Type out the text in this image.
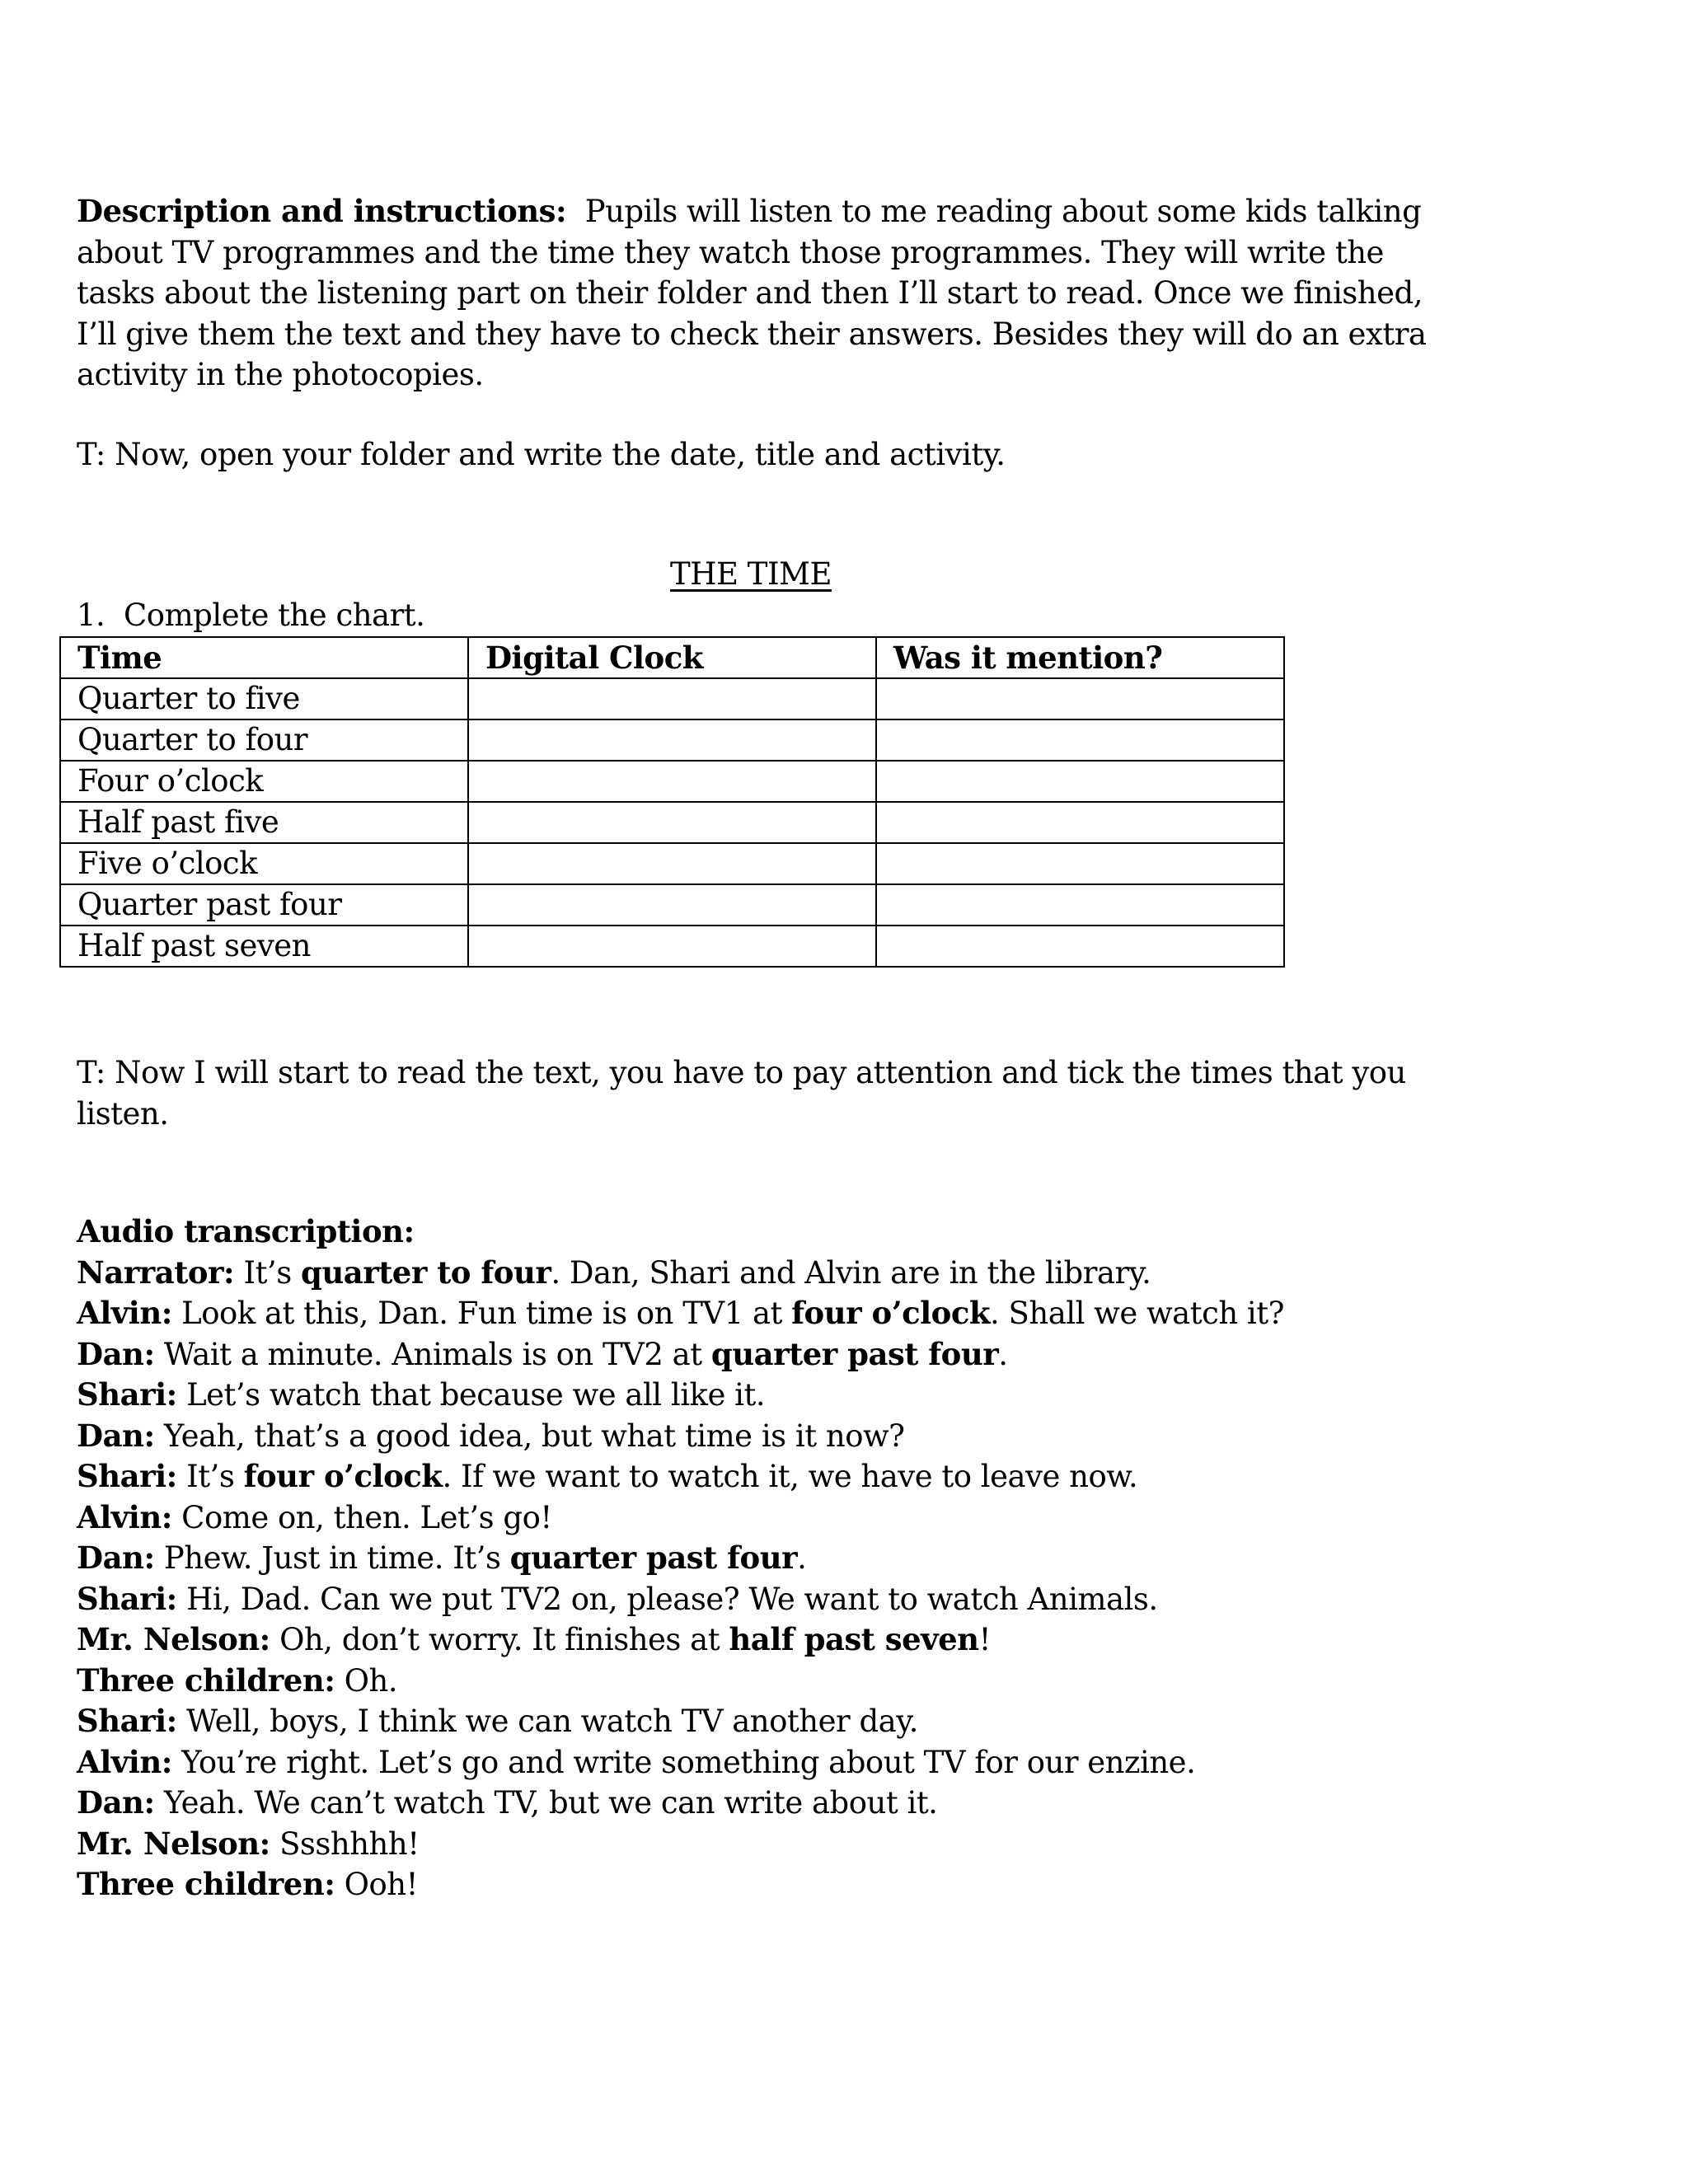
Description and instructions: Pupils will listen to me reading about some kids talking about TV programmes and the time they watch those programmes. They will write the tasks about the listening part on their folder and then I’ll start to read. Once we finished, I’ll give them the text and they have to check their answers. Besides they will do an extra activity in the photocopies.
T: Now, open your folder and write the date, title and activity.
THE TIME
1. Complete the chart.
Time	Digital Clock	Was it mention?
Quarter to five		
Quarter to four		
Four o’clock		
Half past five		
Five o’clock		
Quarter past four		
Half past seven		
T: Now I will start to read the text, you have to pay attention and tick the times that you listen.
Audio transcription:
Narrator: It’s quarter to four. Dan, Shari and Alvin are in the library.
Alvin: Look at this, Dan. Fun time is on TV1 at four o’clock. Shall we watch it?
Dan: Wait a minute. Animals is on TV2 at quarter past four.
Shari: Let’s watch that because we all like it.
Dan: Yeah, that’s a good idea, but what time is it now?
Shari: It’s four o’clock. If we want to watch it, we have to leave now.
Alvin: Come on, then. Let’s go!
Dan: Phew. Just in time. It’s quarter past four.
Shari: Hi, Dad. Can we put TV2 on, please? We want to watch Animals.
Mr. Nelson: Oh, don’t worry. It finishes at half past seven!
Three children: Oh.
Shari: Well, boys, I think we can watch TV another day.
Alvin: You’re right. Let’s go and write something about TV for our enzine.
Dan: Yeah. We can’t watch TV, but we can write about it.
Mr. Nelson: Ssshhhh!
Three children: Ooh!
